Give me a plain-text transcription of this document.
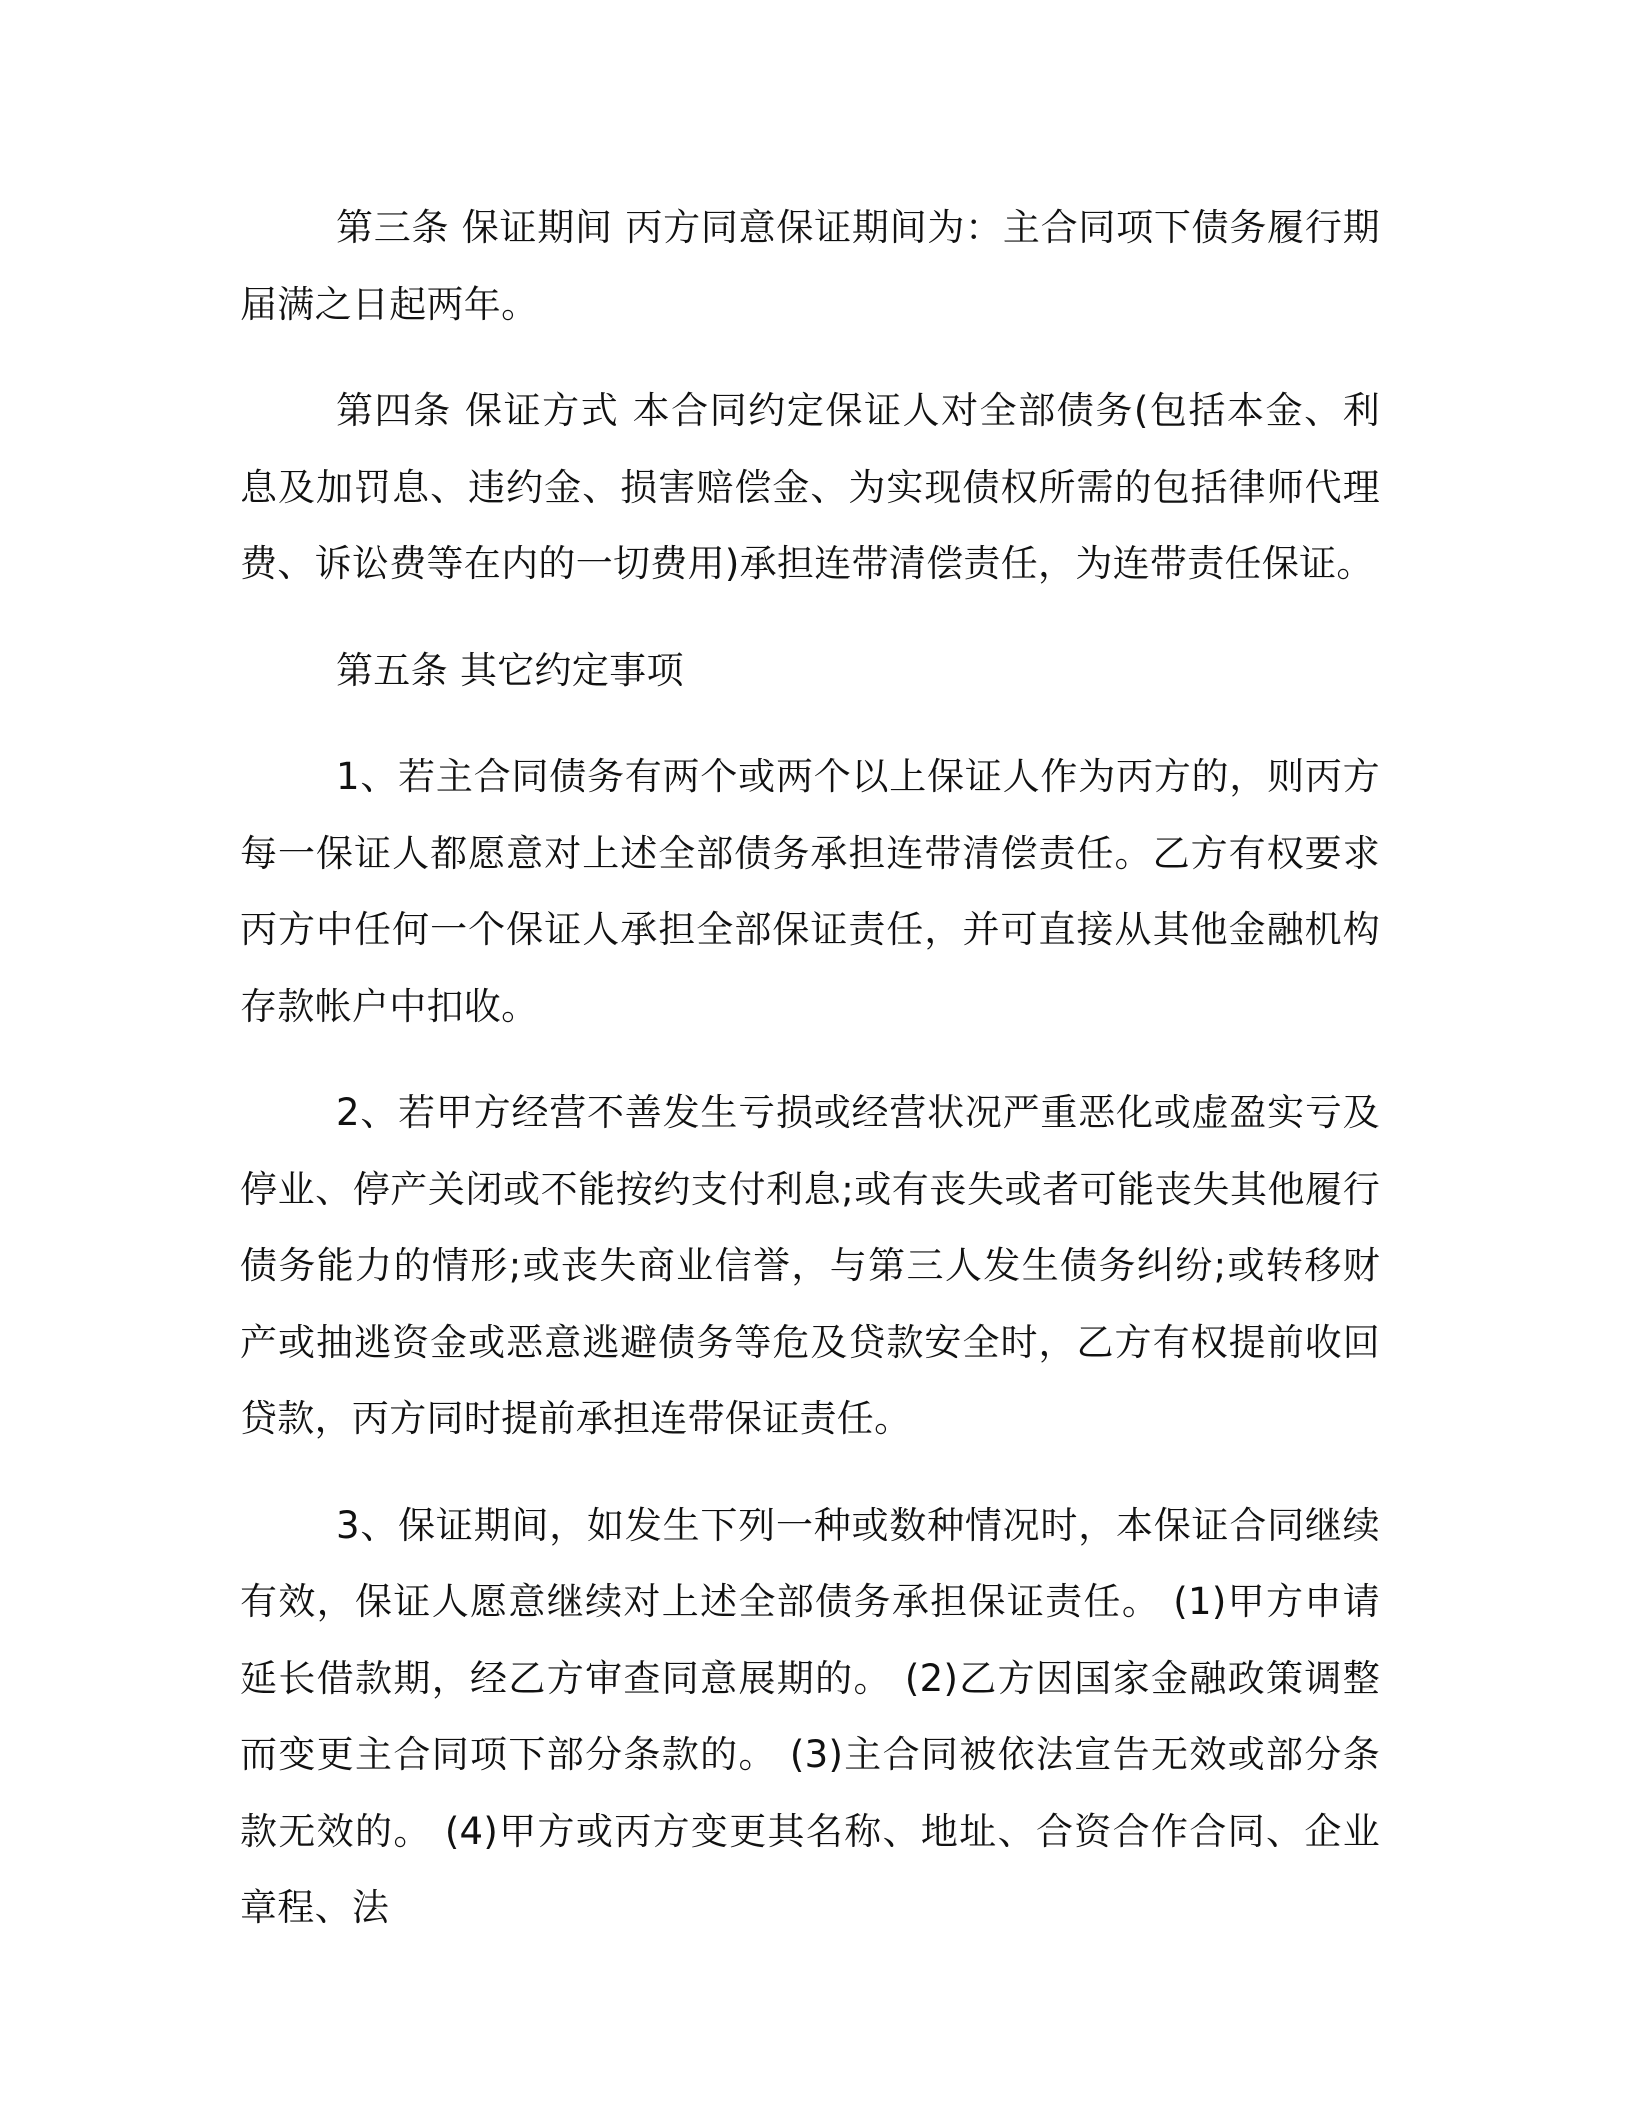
第三条 保证期间 丙方同意保证期间为：主合同项下债务履行期届满之日起两年。

第四条 保证方式 本合同约定保证人对全部债务(包括本金、利息及加罚息、违约金、损害赔偿金、为实现债权所需的包括律师代理费、诉讼费等在内的一切费用)承担连带清偿责任，为连带责任保证。

第五条 其它约定事项

1、若主合同债务有两个或两个以上保证人作为丙方的，则丙方每一保证人都愿意对上述全部债务承担连带清偿责任。乙方有权要求丙方中任何一个保证人承担全部保证责任，并可直接从其他金融机构存款帐户中扣收。

2、若甲方经营不善发生亏损或经营状况严重恶化或虚盈实亏及停业、停产关闭或不能按约支付利息;或有丧失或者可能丧失其他履行债务能力的情形;或丧失商业信誉，与第三人发生债务纠纷;或转移财产或抽逃资金或恶意逃避债务等危及贷款安全时，乙方有权提前收回贷款，丙方同时提前承担连带保证责任。

3、保证期间，如发生下列一种或数种情况时，本保证合同继续有效，保证人愿意继续对上述全部债务承担保证责任。 (1)甲方申请延长借款期，经乙方审查同意展期的。 (2)乙方因国家金融政策调整而变更主合同项下部分条款的。 (3)主合同被依法宣告无效或部分条款无效的。 (4)甲方或丙方变更其名称、地址、合资合作合同、企业章程、法
